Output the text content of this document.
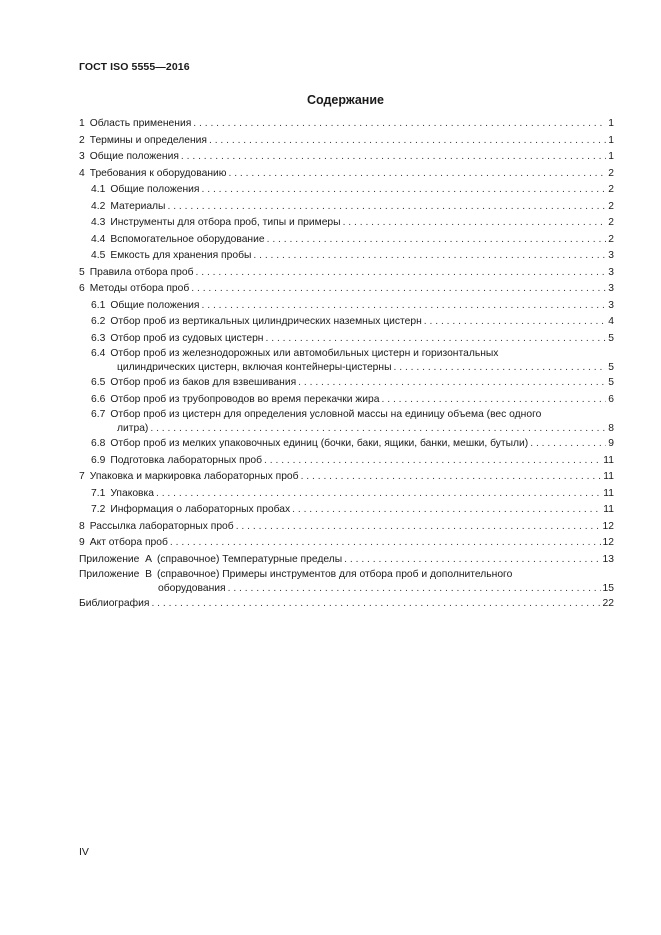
ГОСТ ISO 5555—2016
Содержание
1 Область применения . . .	1
2 Термины и определения . . .	1
3 Общие положения . . .	1
4 Требования к оборудованию . . .	2
4.1 Общие положения . . .	2
4.2 Материалы . . .	2
4.3 Инструменты для отбора проб, типы и примеры . . .	2
4.4 Вспомогательное оборудование . . .	2
4.5 Емкость для хранения пробы . . .	3
5 Правила отбора проб . . .	3
6 Методы отбора проб . . .	3
6.1 Общие положения . . .	3
6.2 Отбор проб из вертикальных цилиндрических наземных цистерн . . .	4
6.3 Отбор проб из судовых цистерн . . .	5
6.4 Отбор проб из железнодорожных или автомобильных цистерн и горизонтальных
цилиндрических цистерн, включая контейнеры-цистерны . . .	5
6.5 Отбор проб из баков для взвешивания . . .	5
6.6 Отбор проб из трубопроводов во время перекачки жира . . .	6
6.7 Отбор проб из цистерн для определения условной массы на единицу объема (вес одного
литра) . . .	8
6.8 Отбор проб из мелких упаковочных единиц (бочки, баки, ящики, банки, мешки, бутыли) . . .	9
6.9 Подготовка лабораторных проб . . .	11
7 Упаковка и маркировка лабораторных проб . . .	11
7.1 Упаковка . . .	11
7.2 Информация о лабораторных пробах . . .	11
8 Рассылка лабораторных проб . . .	12
9 Акт отбора проб . . .	12
Приложение  А (справочное) Температурные пределы . . .	13
Приложение  В (справочное) Примеры инструментов для отбора проб и дополнительного
оборудования . . .	15
Библиография . . .	22
IV
